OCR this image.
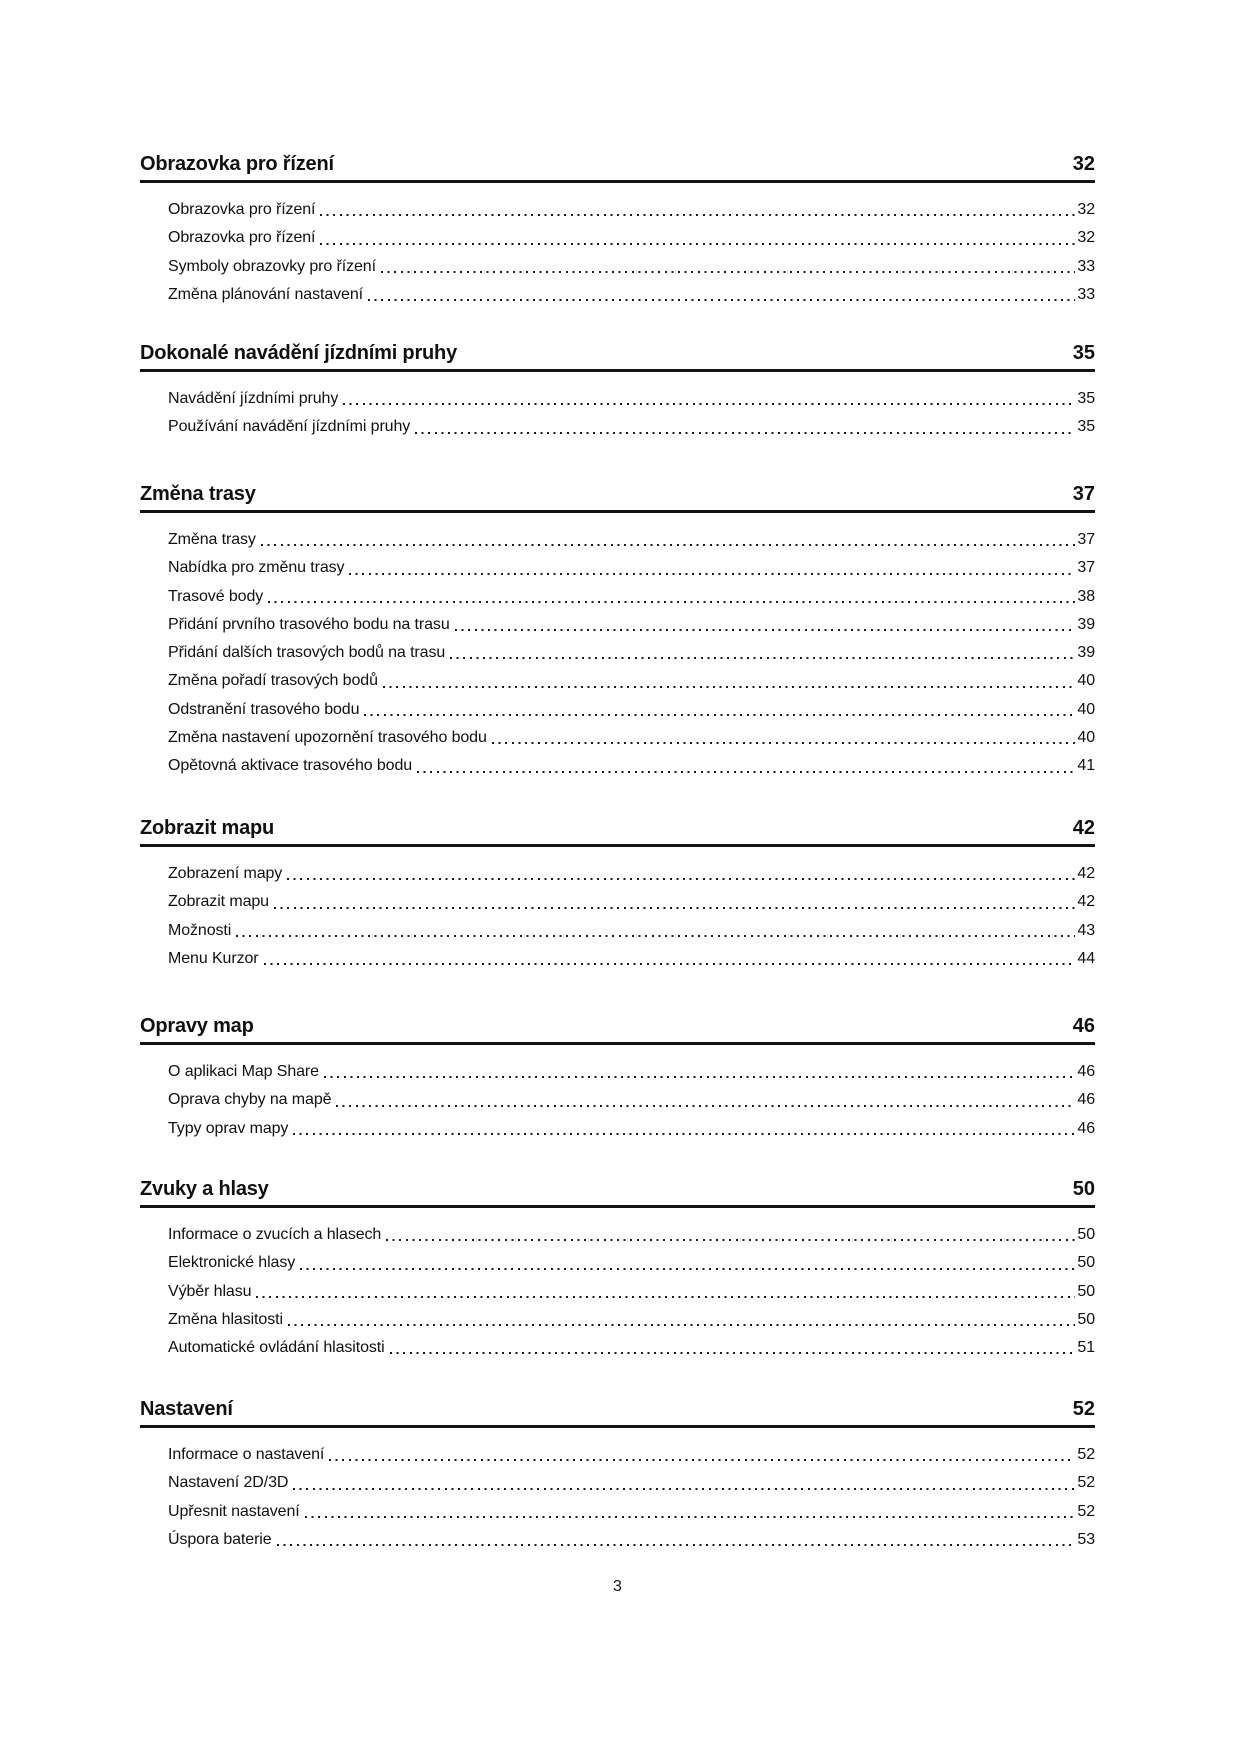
Obrazovka pro řízení	32
Obrazovka pro řízení	32
Obrazovka pro řízení	32
Symboly obrazovky pro řízení	33
Změna plánování nastavení	33
Dokonalé navádění jízdními pruhy	35
Navádění jízdními pruhy	35
Používání navádění jízdními pruhy	35
Změna trasy	37
Změna trasy	37
Nabídka pro změnu trasy	37
Trasové body	38
Přidání prvního trasového bodu na trasu	39
Přidání dalších trasových bodů na trasu	39
Změna pořadí trasových bodů	40
Odstranění trasového bodu	40
Změna nastavení upozornění trasového bodu	40
Opětovná aktivace trasového bodu	41
Zobrazit mapu	42
Zobrazení mapy	42
Zobrazit mapu	42
Možnosti	43
Menu Kurzor	44
Opravy map	46
O aplikaci Map Share	46
Oprava chyby na mapě	46
Typy oprav mapy	46
Zvuky a hlasy	50
Informace o zvucích a hlasech	50
Elektronické hlasy	50
Výběr hlasu	50
Změna hlasitosti	50
Automatické ovládání hlasitosti	51
Nastavení	52
Informace o nastavení	52
Nastavení 2D/3D	52
Upřesnit nastavení	52
Úspora baterie	53
3
